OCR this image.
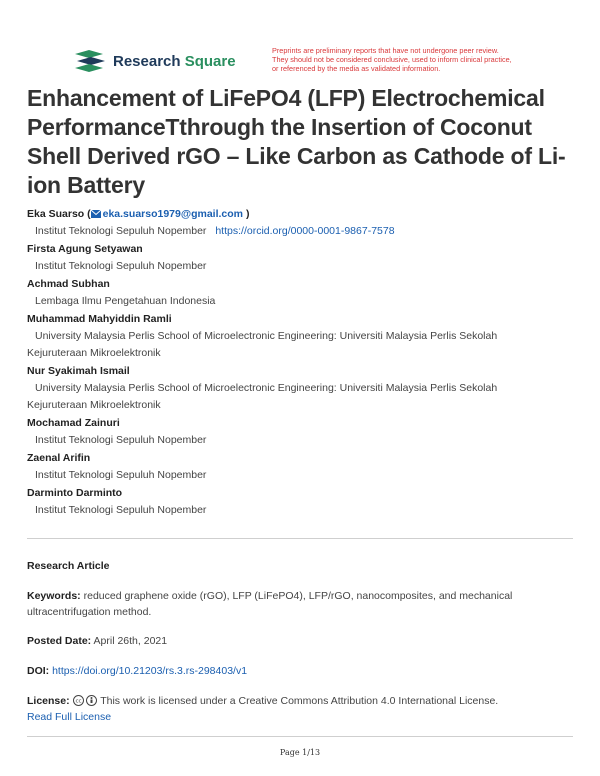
Research Square
Preprints are preliminary reports that have not undergone peer review.
They should not be considered conclusive, used to inform clinical practice,
or referenced by the media as validated information.
Enhancement of LiFePO4 (LFP) Electrochemical PerformanceTthrough the Insertion of Coconut Shell Derived rGO – Like Carbon as Cathode of Li-ion Battery
Eka Suarso ( eka.suarso1979@gmail.com )
Institut Teknologi Sepuluh Nopember https://orcid.org/0000-0001-9867-7578
Firsta Agung Setyawan
Institut Teknologi Sepuluh Nopember
Achmad Subhan
Lembaga Ilmu Pengetahuan Indonesia
Muhammad Mahyiddin Ramli
University Malaysia Perlis School of Microelectronic Engineering: Universiti Malaysia Perlis Sekolah
Kejuruteraan Mikroelektronik
Nur Syakimah Ismail
University Malaysia Perlis School of Microelectronic Engineering: Universiti Malaysia Perlis Sekolah
Kejuruteraan Mikroelektronik
Mochamad Zainuri
Institut Teknologi Sepuluh Nopember
Zaenal Arifin
Institut Teknologi Sepuluh Nopember
Darminto Darminto
Institut Teknologi Sepuluh Nopember
Research Article
Keywords: reduced graphene oxide (rGO), LFP (LiFePO4), LFP/rGO, nanocomposites, and mechanical
ultracentrifugation method.
Posted Date: April 26th, 2021
DOI: https://doi.org/10.21203/rs.3.rs-298403/v1
License: cc This work is licensed under a Creative Commons Attribution 4.0 International License.
Read Full License
Page 1/13
